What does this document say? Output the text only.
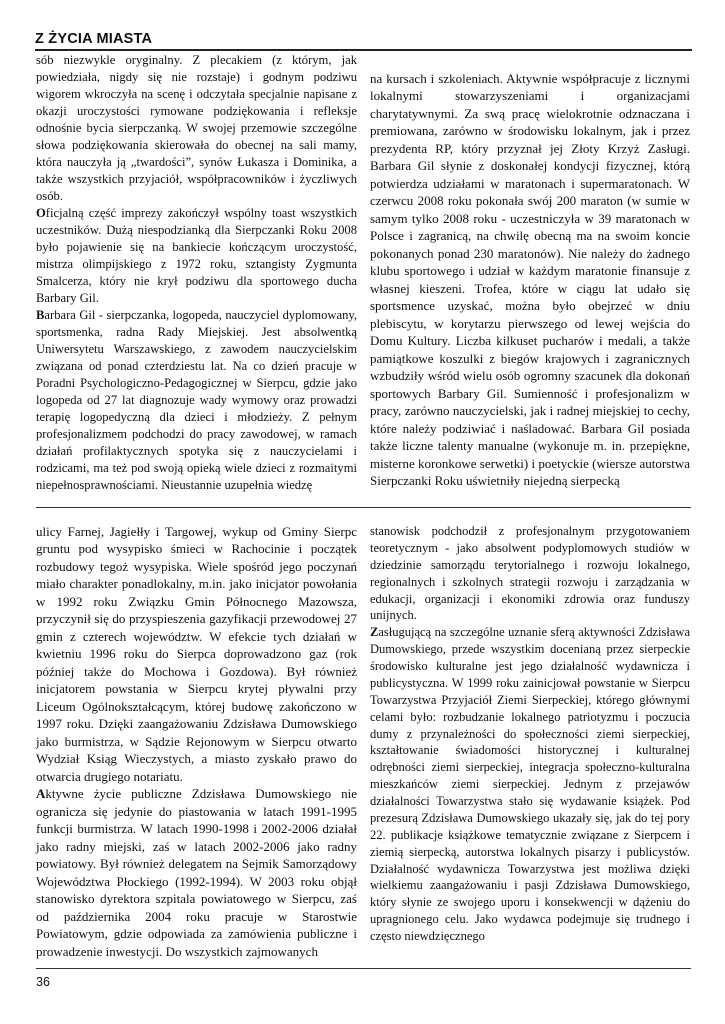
Z ŻYCIA MIASTA

sób niezwykle oryginalny. Z plecakiem (z którym, jak powiedziała, nigdy się nie rozstaje) i godnym podziwu wigorem wkroczyła na scenę i odczytała specjalnie napisane z okazji uroczystości rymowane podziękowania i refleksje odnośnie bycia sierpczanką. W swojej przemowie szczególne słowa podziękowania skierowała do obecnej na sali mamy, która nauczyła ją „twardości”, synów Łukasza i Dominika, a także wszystkich przyjaciół, współpracowników i życzliwych osób.

Oficjalną część imprezy zakończył wspólny toast wszystkich uczestników. Dużą niespodzianką dla Sierpczanki Roku 2008 było pojawienie się na bankiecie kończącym uroczystość, mistrza olimpijskiego z 1972 roku, sztangisty Zygmunta Smalcerza, który nie krył podziwu dla sportowego ducha Barbary Gil.

Barbara Gil - sierpczanka, logopeda, nauczyciel dyplomowany, sportsmenka, radna Rady Miejskiej. Jest absolwentką Uniwersytetu Warszawskiego, z zawodem nauczycielskim związana od ponad czterdziestu lat. Na co dzień pracuje w Poradni Psychologiczno-Pedagogicznej w Sierpcu, gdzie jako logopeda od 27 lat diagnozuje wady wymowy oraz prowadzi terapię logopedyczną dla dzieci i młodzieży. Z pełnym profesjonalizmem podchodzi do pracy zawodowej, w ramach działań profilaktycznych spotyka się z nauczycielami i rodzicami, ma też pod swoją opieką wiele dzieci z rozmaitymi niepełnosprawnościami. Nieustannie uzupełnia wiedzę

na kursach i szkoleniach. Aktywnie współpracuje z licznymi lokalnymi stowarzyszeniami i organizacjami charytatywnymi. Za swą pracę wielokrotnie odznaczana i premiowana, zarówno w środowisku lokalnym, jak i przez prezydenta RP, który przyznał jej Złoty Krzyż Zasługi. Barbara Gil słynie z doskonałej kondycji fizycznej, którą potwierdza udziałami w maratonach i supermaratonach. W czerwcu 2008 roku pokonała swój 200 maraton (w sumie w samym tylko 2008 roku - uczestniczyła w 39 maratonach w Polsce i zagranicą, na chwilę obecną ma na swoim koncie pokonanych ponad 230 maratonów). Nie należy do żadnego klubu sportowego i udział w każdym maratonie finansuje z własnej kieszeni. Trofea, które w ciągu lat udało się sportsmence uzyskać, można było obejrzeć w dniu plebiscytu, w korytarzu pierwszego od lewej wejścia do Domu Kultury. Liczba kilkuset pucharów i medali, a także pamiątkowe koszulki z biegów krajowych i zagranicznych wzbudziły wśród wielu osób ogromny szacunek dla dokonań sportowych Barbary Gil. Sumienność i profesjonalizm w pracy, zarówno nauczycielski, jak i radnej miejskiej to cechy, które należy podziwiać i naśladować. Barbara Gil posiada także liczne talenty manualne (wykonuje m. in. przepiękne, misterne koronkowe serwetki) i poetyckie (wiersze autorstwa Sierpczanki Roku uświetniły niejedną sierpecką

ulicy Farnej, Jagiełły i Targowej, wykup od Gminy Sierpc gruntu pod wysypisko śmieci w Rachocinie i początek rozbudowy tegoż wysypiska. Wiele spośród jego poczynań miało charakter ponadlokalny, m.in. jako inicjator powołania w 1992 roku Związku Gmin Północnego Mazowsza, przyczynił się do przyspieszenia gazyfikacji przewodowej 27 gmin z czterech województw. W efekcie tych działań w kwietniu 1996 roku do Sierpca doprowadzono gaz (rok później także do Mochowa i Gozdowa). Był również inicjatorem powstania w Sierpcu krytej pływalni przy Liceum Ogólnokształcącym, której budowę zakończono w 1997 roku. Dzięki zaangażowaniu Zdzisława Dumowskiego jako burmistrza, w Sądzie Rejonowym w Sierpcu otwarto Wydział Ksiąg Wieczystych, a miasto zyskało prawo do otwarcia drugiego notariatu.

Aktywne życie publiczne Zdzisława Dumowskiego nie ogranicza się jedynie do piastowania w latach 1991-1995 funkcji burmistrza. W latach 1990-1998 i 2002-2006 działał jako radny miejski, zaś w latach 2002-2006 jako radny powiatowy. Był również delegatem na Sejmik Samorządowy Województwa Płockiego (1992-1994). W 2003 roku objął stanowisko dyrektora szpitala powiatowego w Sierpcu, zaś od października 2004 roku pracuje w Starostwie Powiatowym, gdzie odpowiada za zamówienia publiczne i prowadzenie inwestycji. Do wszystkich zajmowanych

stanowisk podchodził z profesjonalnym przygotowaniem teoretycznym - jako absolwent podyplomowych studiów w dziedzinie samorządu terytorialnego i rozwoju lokalnego, regionalnych i szkolnych strategii rozwoju i zarządzania w edukacji, organizacji i ekonomiki zdrowia oraz funduszy unijnych.

Zasługującą na szczególne uznanie sferą aktywności Zdzisława Dumowskiego, przede wszystkim docenianą przez sierpeckie środowisko kulturalne jest jego działalność wydawnicza i publicystyczna. W 1999 roku zainicjował powstanie w Sierpcu Towarzystwa Przyjaciół Ziemi Sierpeckiej, którego głównymi celami było: rozbudzanie lokalnego patriotyzmu i poczucia dumy z przynależności do społeczności ziemi sierpeckiej, kształtowanie świadomości historycznej i kulturalnej odrębności ziemi sierpeckiej, integracja społeczno-kulturalna mieszkańców ziemi sierpeckiej. Jednym z przejawów działalności Towarzystwa stało się wydawanie książek. Pod prezesurą Zdzisława Dumowskiego ukazały się, jak do tej pory 22. publikacje książkowe tematycznie związane z Sierpcem i ziemią sierpecką, autorstwa lokalnych pisarzy i publicystów. Działalność wydawnicza Towarzystwa jest możliwa dzięki wielkiemu zaangażowaniu i pasji Zdzisława Dumowskiego, który słynie ze swojego uporu i konsekwencji w dążeniu do upragnionego celu. Jako wydawca podejmuje się trudnego i często niewdzięcznego

36
